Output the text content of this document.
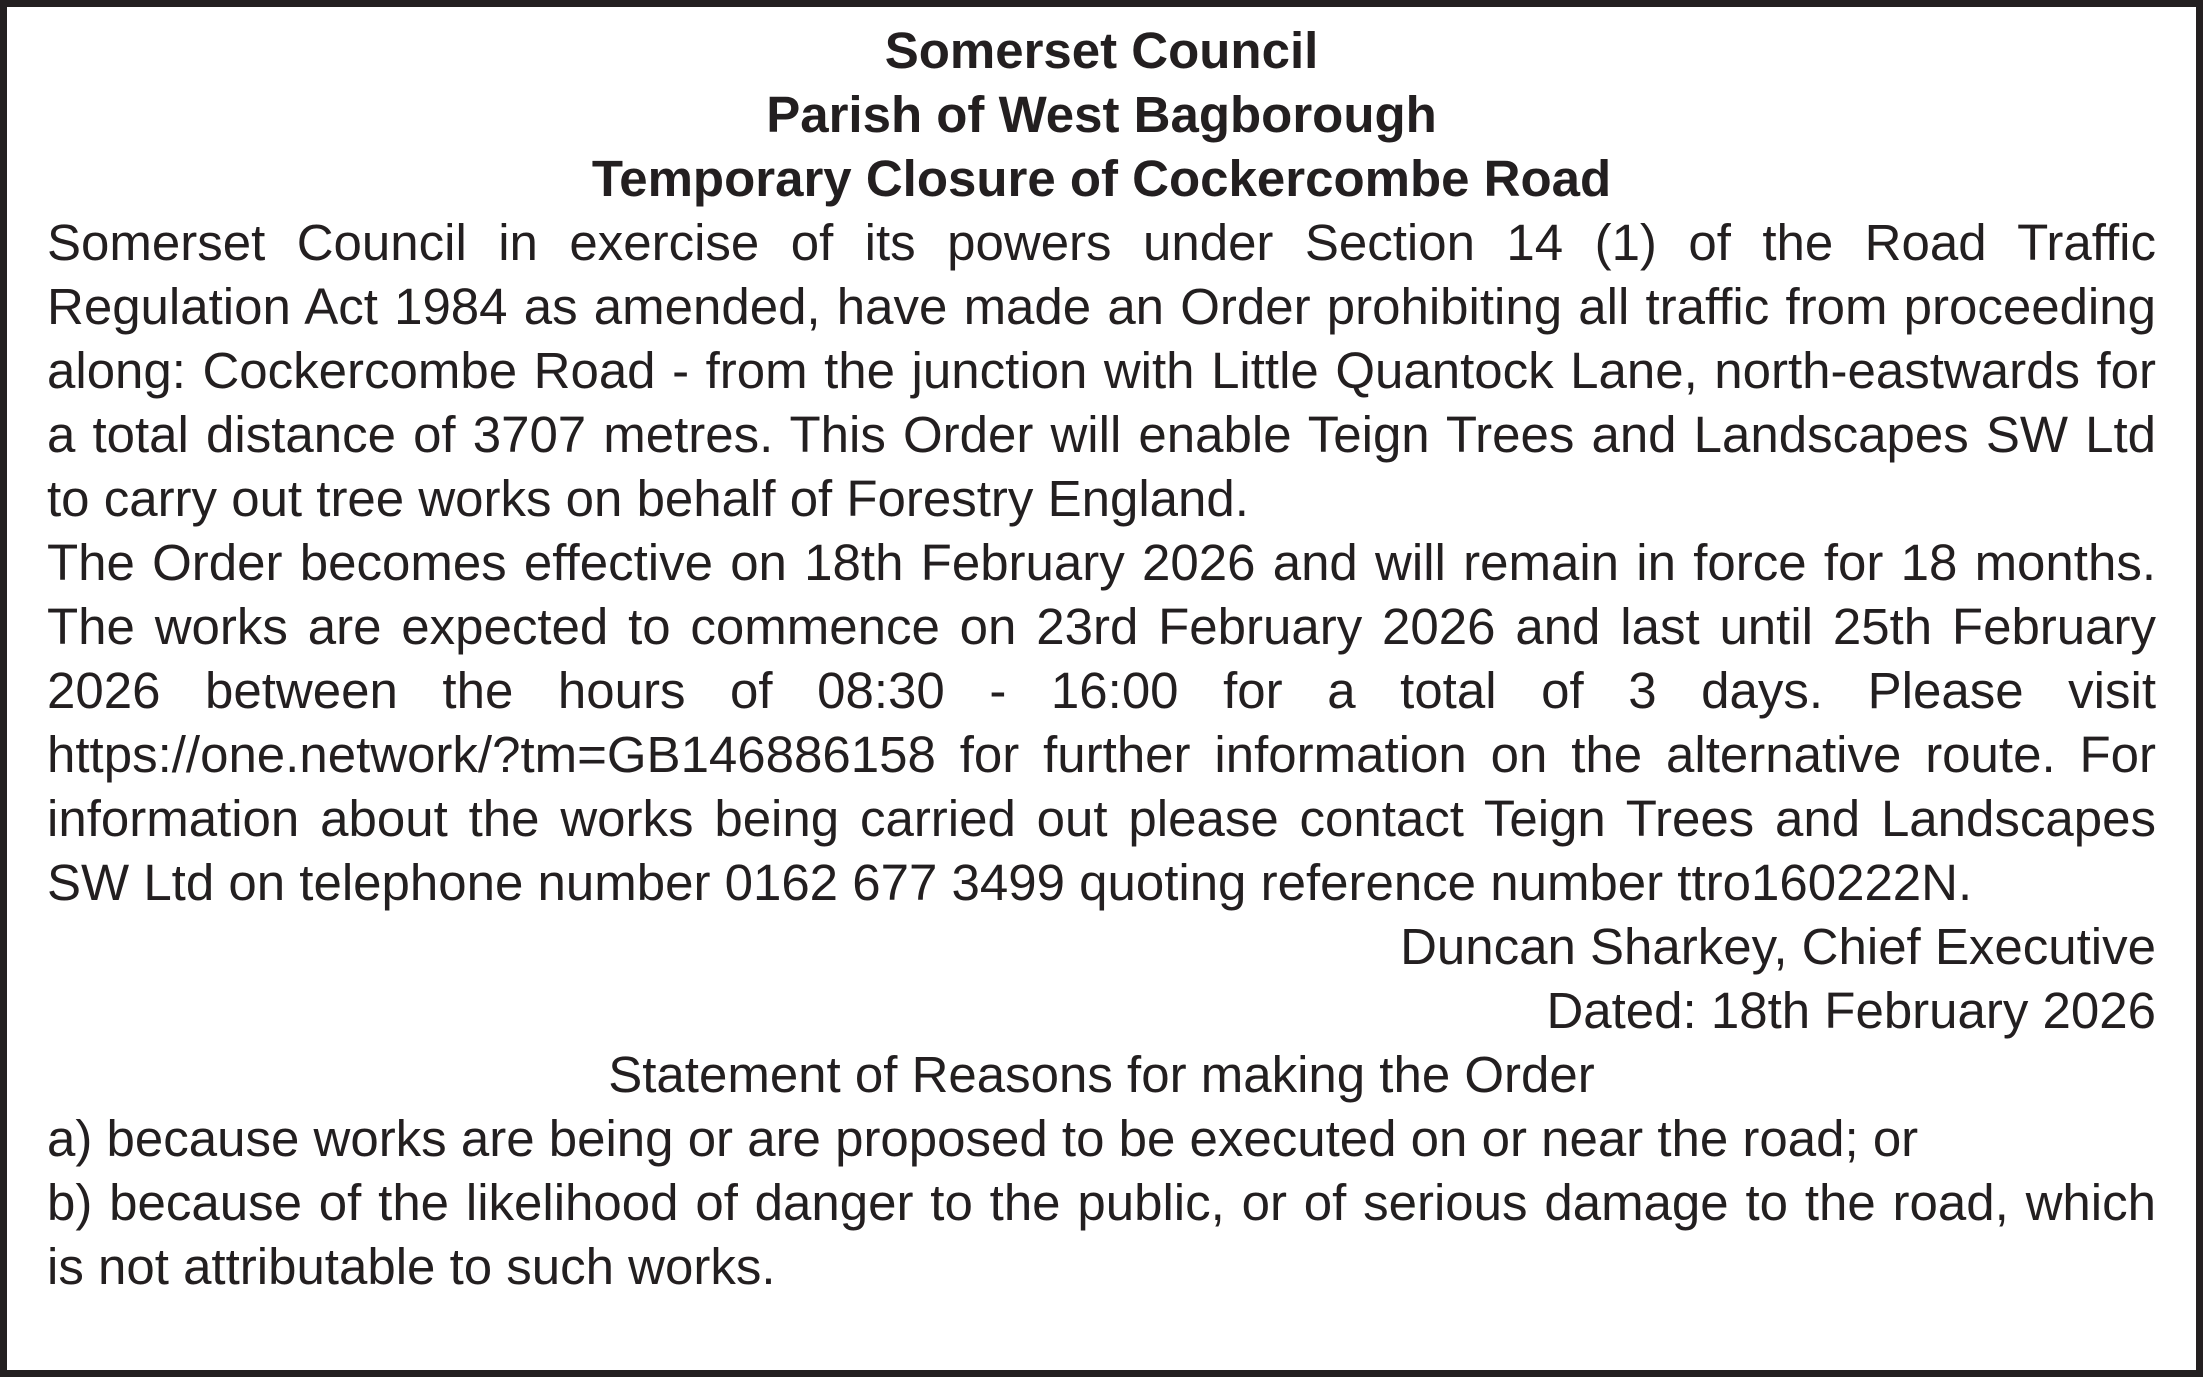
Somerset Council

Parish of West Bagborough

Temporary Closure of Cockercombe Road

Somerset Council in exercise of its powers under Section 14 (1) of the Road Traffic Regulation Act 1984 as amended, have made an Order prohibiting all traffic from proceeding along: Cockercombe Road - from the junction with Little Quantock Lane, north-eastwards for a total distance of 3707 metres. This Order will enable Teign Trees and Landscapes SW Ltd to carry out tree works on behalf of Forestry England.

The Order becomes effective on 18th February 2026 and will remain in force for 18 months. The works are expected to commence on 23rd February 2026 and last until 25th February 2026 between the hours of 08:30 - 16:00 for a total of 3 days. Please visit https://one.network/?tm=GB146886158 for further information on the alternative route. For information about the works being carried out please contact Teign Trees and Landscapes SW Ltd on telephone number 0162 677 3499 quoting reference number ttro160222N.

Duncan Sharkey, Chief Executive

Dated: 18th February 2026

Statement of Reasons for making the Order

a) because works are being or are proposed to be executed on or near the road; or

b) because of the likelihood of danger to the public, or of serious damage to the road, which is not attributable to such works.
